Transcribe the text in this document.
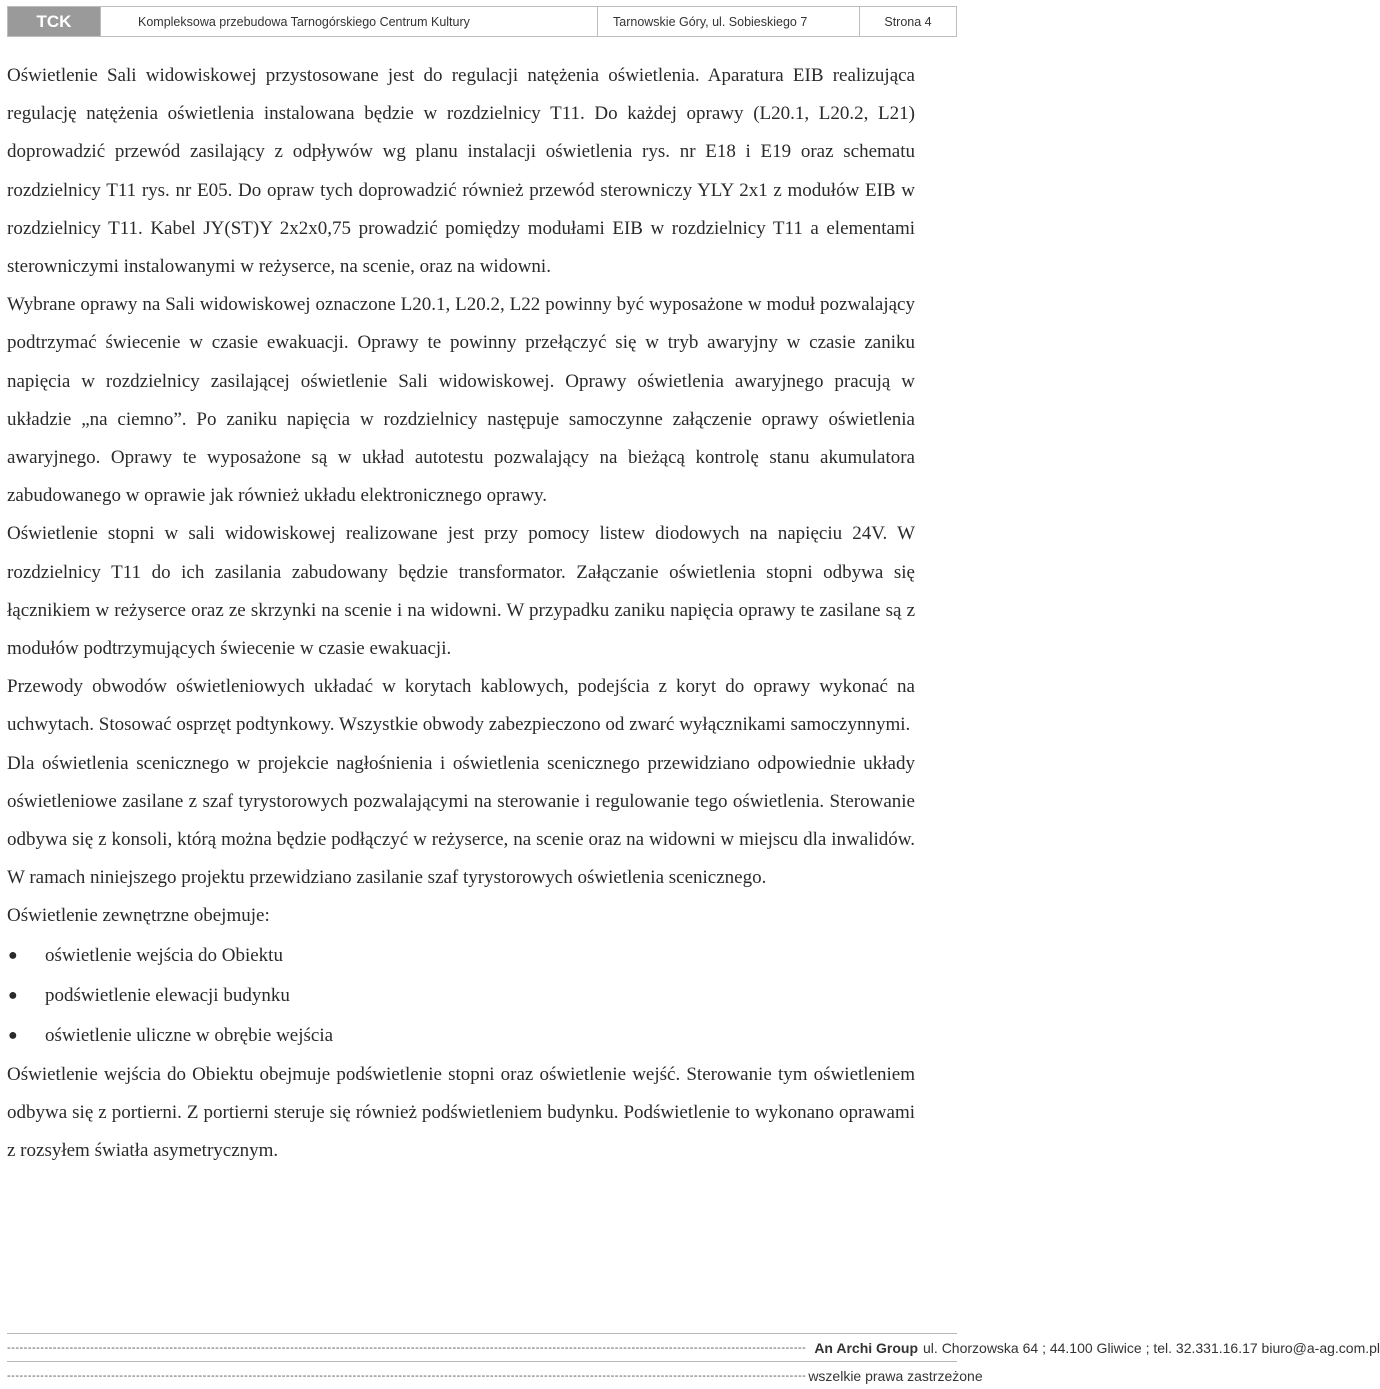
TCK	Kompleksowa przebudowa Tarnogórskiego Centrum Kultury	Tarnowskie Góry, ul. Sobieskiego 7	Strona 4

Oświetlenie Sali widowiskowej przystosowane jest do regulacji natężenia oświetlenia. Aparatura EIB realizująca regulację natężenia oświetlenia instalowana będzie w rozdzielnicy T11. Do każdej oprawy (L20.1, L20.2, L21) doprowadzić przewód zasilający z odpływów wg planu instalacji oświetlenia rys. nr E18 i E19 oraz schematu rozdzielnicy T11 rys. nr E05. Do opraw tych doprowadzić również przewód sterowniczy YLY 2x1 z modułów EIB w rozdzielnicy T11. Kabel JY(ST)Y 2x2x0,75 prowadzić pomiędzy modułami EIB w rozdzielnicy T11 a elementami sterowniczymi instalowanymi w reżyserce, na scenie, oraz na widowni.

Wybrane oprawy na Sali widowiskowej oznaczone L20.1, L20.2, L22 powinny być wyposażone w moduł pozwalający podtrzymać świecenie w czasie ewakuacji. Oprawy te powinny przełączyć się w tryb awaryjny w czasie zaniku napięcia w rozdzielnicy zasilającej oświetlenie Sali widowiskowej. Oprawy oświetlenia awaryjnego pracują w układzie „na ciemno”. Po zaniku napięcia w rozdzielnicy następuje samoczynne załączenie oprawy oświetlenia awaryjnego. Oprawy te wyposażone są w układ autotestu pozwalający na bieżącą kontrolę stanu akumulatora zabudowanego w oprawie jak również układu elektronicznego oprawy.

Oświetlenie stopni w sali widowiskowej realizowane jest przy pomocy listew diodowych na napięciu 24V. W rozdzielnicy T11 do ich zasilania zabudowany będzie transformator. Załączanie oświetlenia stopni odbywa się łącznikiem w reżyserce oraz ze skrzynki na scenie i na widowni. W przypadku zaniku napięcia oprawy te zasilane są z modułów podtrzymujących świecenie w czasie ewakuacji.

Przewody obwodów oświetleniowych układać w korytach kablowych, podejścia z koryt do oprawy wykonać na uchwytach. Stosować osprzęt podtynkowy. Wszystkie obwody zabezpieczono od zwarć wyłącznikami samoczynnymi.

Dla oświetlenia scenicznego w projekcie nagłośnienia i oświetlenia scenicznego przewidziano odpowiednie układy oświetleniowe zasilane z szaf tyrystorowych pozwalającymi na sterowanie i regulowanie tego oświetlenia. Sterowanie odbywa się z konsoli, którą można będzie podłączyć w reżyserce, na scenie oraz na widowni w miejscu dla inwalidów. W ramach niniejszego projektu przewidziano zasilanie szaf tyrystorowych oświetlenia scenicznego.

Oświetlenie zewnętrzne obejmuje:

● oświetlenie wejścia do Obiektu
● podświetlenie elewacji budynku
● oświetlenie uliczne w obrębie wejścia

Oświetlenie wejścia do Obiektu obejmuje podświetlenie stopni oraz oświetlenie wejść. Sterowanie tym oświetleniem odbywa się z portierni. Z portierni steruje się również podświetleniem budynku. Podświetlenie to wykonano oprawami z rozsyłem światła asymetrycznym.

------------------------------------------------------------------------------------------------------------------------------------------------------------------------------------------------ An Archi Group ul. Chorzowska 64 ; 44.100 Gliwice ; tel. 32.331.16.17 biuro@a-ag.com.pl
------------------------------------------------------------------------------------------------------------------------------------------------------------------------------------------------ wszelkie prawa zastrzeżone
